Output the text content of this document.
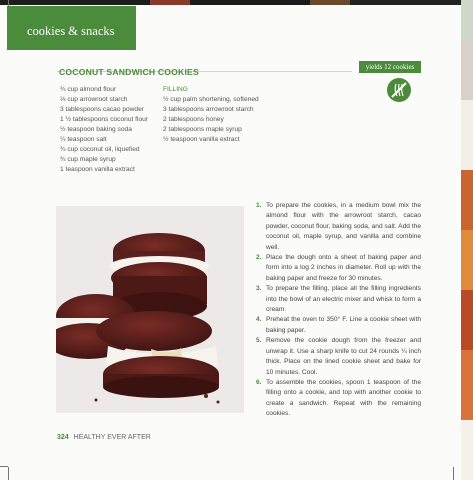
cookies & snacks
COCONUT SANDWICH COOKIES	yields 12 cookies
¾ cup almond flour
⅓ cup arrowroot starch
3 tablespoons cacao powder
1 ½ tablespoons coconut flour
½ teaspoon baking soda
¼ teaspoon salt
¾ cup coconut oil, liquefied
¾ cup maple syrup
1 teaspoon vanilla extract
FILLING
½ cup palm shortening, softened
3 tablespoons arrowroot starch
2 tablespoons honey
2 tablespoons maple syrup
½ teaspoon vanilla extract
1. To prepare the cookies, in a medium bowl mix the almond flour with the arrowroot starch, cacao powder, coconut flour, baking soda, and salt. Add the coconut oil, maple syrup, and vanilla and combine well.
2. Place the dough onto a sheet of baking paper and form into a log 2 inches in diameter. Roll up with the baking paper and freeze for 30 minutes.
3. To prepare the filling, place all the filling ingredients into the bowl of an electric mixer and whisk to form a cream.
4. Preheat the oven to 350° F. Line a cookie sheet with baking paper.
5. Remove the cookie dough from the freezer and unwrap it. Use a sharp knife to cut 24 rounds ¼ inch thick. Place on the lined cookie sheet and bake for 10 minutes. Cool.
6. To assemble the cookies, spoon 1 teaspoon of the filling onto a cookie, and top with another cookie to create a sandwich. Repeat with the remaining cookies.
324 HEALTHY EVER AFTER
